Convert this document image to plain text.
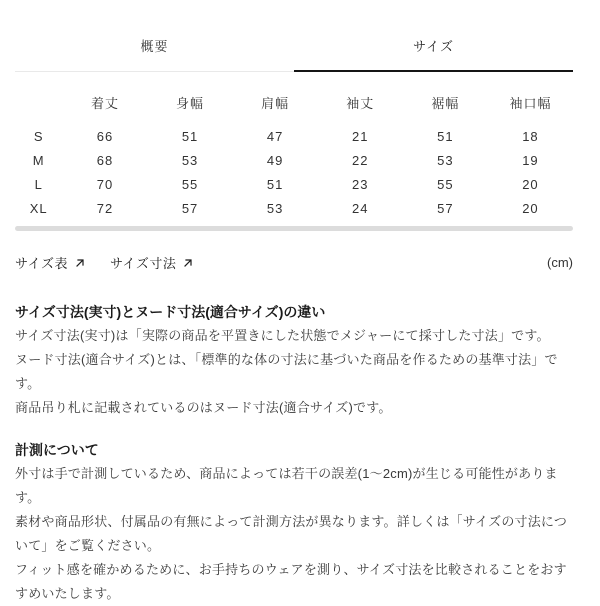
概要	サイズ
	着丈	身幅	肩幅	袖丈	裾幅	袖口幅
S	66	51	47	21	51	18
M	68	53	49	22	53	19
L	70	55	51	23	55	20
XL	72	57	53	24	57	20
サイズ表	サイズ寸法	(cm)
サイズ寸法(実寸)とヌード寸法(適合サイズ)の違い

サイズ寸法(実寸)は「実際の商品を平置きにした状態でメジャーにて採寸した寸法」です。

ヌード寸法(適合サイズ)とは、「標準的な体の寸法に基づいた商品を作るための基準寸法」です。

商品吊り札に記載されているのはヌード寸法(適合サイズ)です。

計測について

外寸は手で計測しているため、商品によっては若干の誤差(1〜2cm)が生じる可能性があります。

素材や商品形状、付属品の有無によって計測方法が異なります。詳しくは「サイズの寸法について」をご覧ください。

フィット感を確かめるために、お手持ちのウェアを測り、サイズ寸法を比較されることをおすすめいたします。
